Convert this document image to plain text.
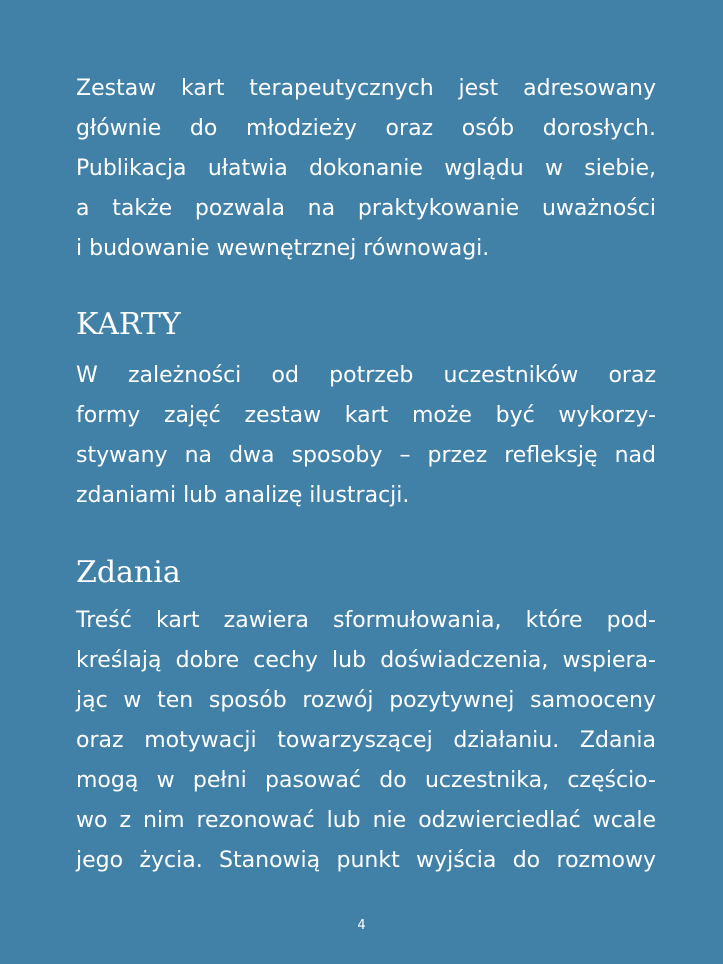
Zestaw kart terapeutycznych jest adresowany
głównie do młodzieży oraz osób dorosłych.
Publikacja ułatwia dokonanie wglądu w siebie,
a także pozwala na praktykowanie uważności
i budowanie wewnętrznej równowagi.
KARTY
W zależności od potrzeb uczestników oraz
formy zajęć zestaw kart może być wykorzy-
stywany na dwa sposoby – przez refleksję nad
zdaniami lub analizę ilustracji.
Zdania
Treść kart zawiera sformułowania, które pod-
kreślają dobre cechy lub doświadczenia, wspiera-
jąc w ten sposób rozwój pozytywnej samooceny
oraz motywacji towarzyszącej działaniu. Zdania
mogą w pełni pasować do uczestnika, częścio-
wo z nim rezonować lub nie odzwierciedlać wcale
jego życia. Stanowią punkt wyjścia do rozmowy
4
